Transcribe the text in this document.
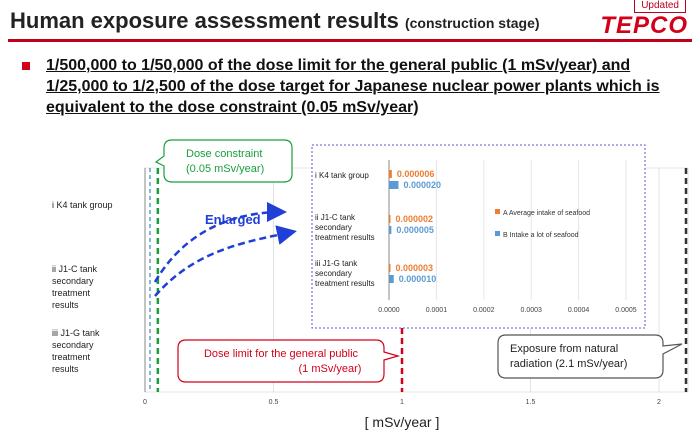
Updated
Human exposure assessment results (construction stage)	TEPCO
1/500,000 to 1/50,000 of the dose limit for the general public (1 mSv/year) and 1/25,000 to 1/2,500 of the dose target for Japanese nuclear power plants which is equivalent to the dose constraint (0.05 mSv/year)
0	0.5	1	1.5	2
[ mSv/year ]
i K4 tank group
ii J1-C tank
secondary
treatment
results
iii J1-G tank
secondary
treatment
results
Dose constraint
(0.05 mSv/year)
Dose limit for the general public
(1 mSv/year)
Exposure from natural
radiation (2.1 mSv/year)
Enlarged
0.0000	0.0001	0.0002	0.0003	0.0004	0.0005
i K4 tank group
ii J1-C tank
secondary
treatment results
iii J1-G tank
secondary
treatment results
0.000006
0.000002
0.000003
0.000020
0.000005
0.000010
A Average intake of seafood
B Intake a lot of seafood
